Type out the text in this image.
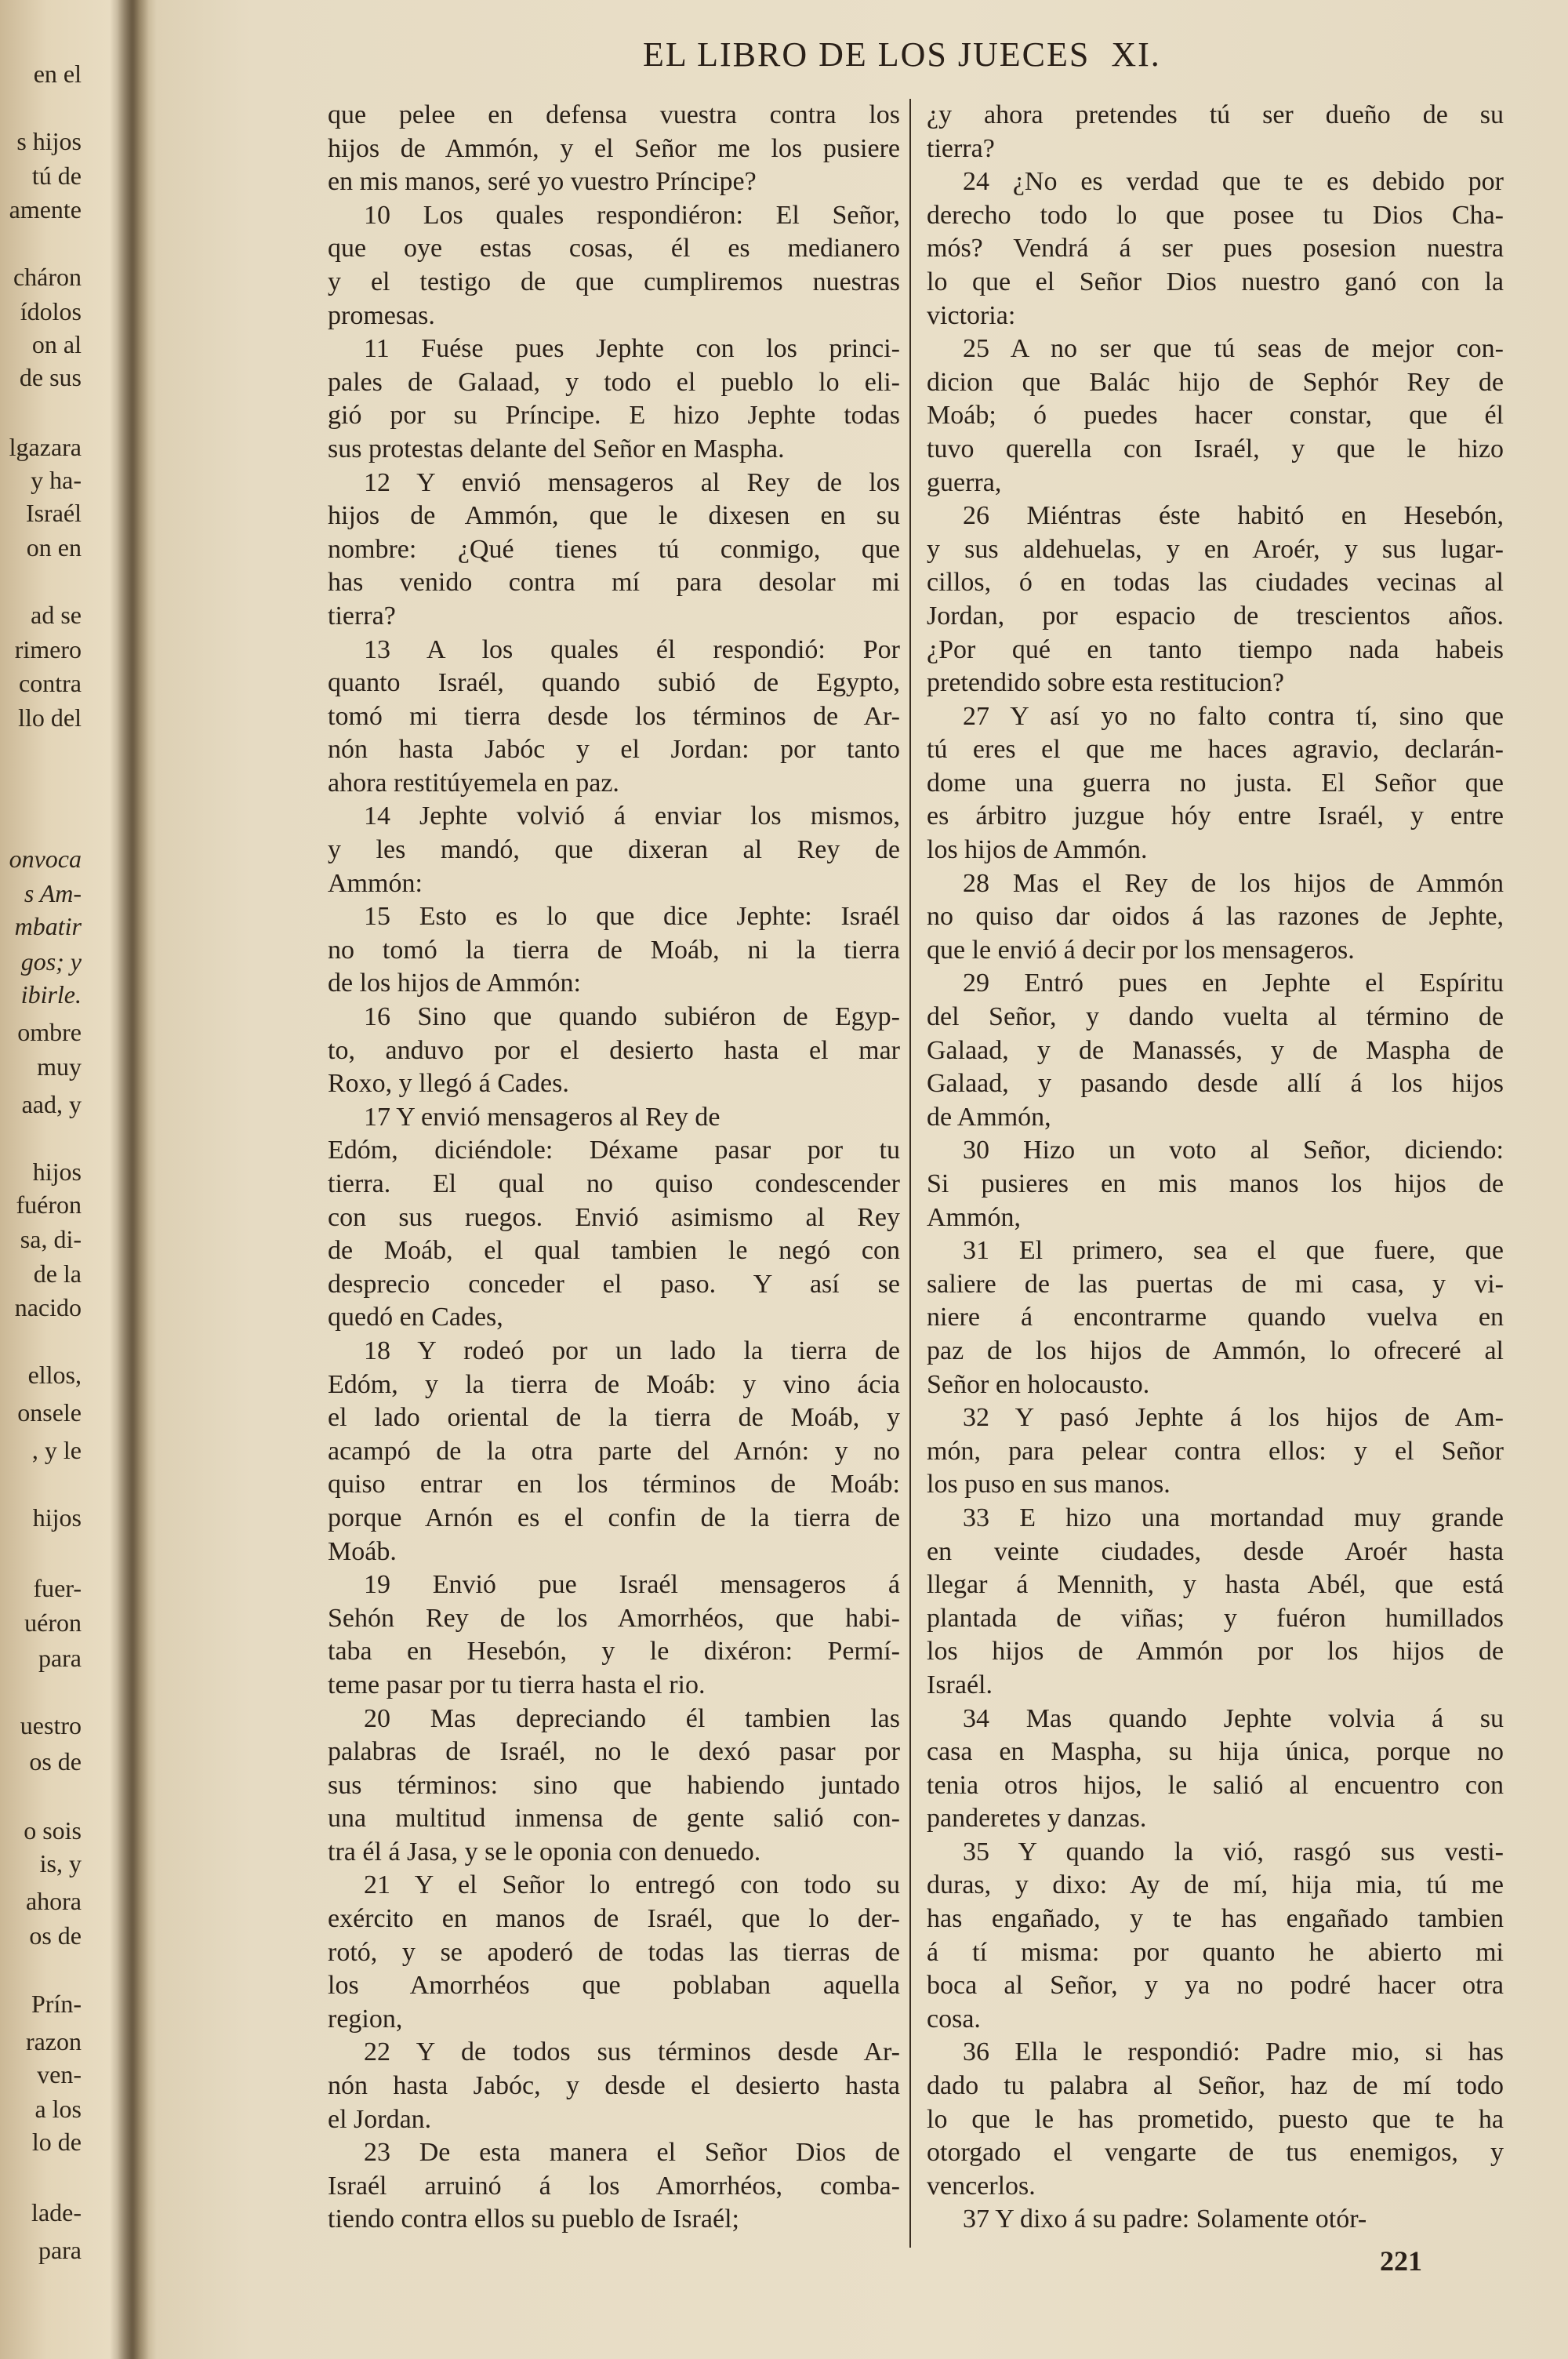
en el
s hijos
tú de
amente
cháron
ídolos
on al
de sus
lgazara
y ha-
Israél
on en
ad se
rimero
contra
llo del
onvoca
s Am-
mbatir
gos; y
ibirle.
ombre
muy
aad, y
hijos
fuéron
sa, di-
de la
nacido
ellos,
onsele
, y le
hijos
fuer-
uéron
para
uestro
os de
o sois
is, y
ahora
os de
Prín-
razon
ven-
a los
lo de
lade-
para
EL LIBRO DE LOS JUECES XI.
que pelee en defensa vuestra contra los
hijos de Ammón, y el Señor me los pusiere
en mis manos, seré yo vuestro Príncipe?
10 Los quales respondiéron: El Señor,
que oye estas cosas, él es medianero
y el testigo de que cumpliremos nuestras
promesas.
11 Fuése pues Jephte con los princi-
pales de Galaad, y todo el pueblo lo eli-
gió por su Príncipe. E hizo Jephte todas
sus protestas delante del Señor en Maspha.
12 Y envió mensageros al Rey de los
hijos de Ammón, que le dixesen en su
nombre: ¿Qué tienes tú conmigo, que
has venido contra mí para desolar mi
tierra?
13 A los quales él respondió: Por
quanto Israél, quando subió de Egypto,
tomó mi tierra desde los términos de Ar-
nón hasta Jabóc y el Jordan: por tanto
ahora restitúyemela en paz.
14 Jephte volvió á enviar los mismos,
y les mandó, que dixeran al Rey de
Ammón:
15 Esto es lo que dice Jephte: Israél
no tomó la tierra de Moáb, ni la tierra
de los hijos de Ammón:
16 Sino que quando subiéron de Egyp-
to, anduvo por el desierto hasta el mar
Roxo, y llegó á Cades.
17 Y envió mensageros al Rey de
Edóm, diciéndole: Déxame pasar por tu
tierra. El qual no quiso condescender
con sus ruegos. Envió asimismo al Rey
de Moáb, el qual tambien le negó con
desprecio conceder el paso. Y así se
quedó en Cades,
18 Y rodeó por un lado la tierra de
Edóm, y la tierra de Moáb: y vino ácia
el lado oriental de la tierra de Moáb, y
acampó de la otra parte del Arnón: y no
quiso entrar en los términos de Moáb:
porque Arnón es el confin de la tierra de
Moáb.
19 Envió pue Israél mensageros á
Sehón Rey de los Amorrhéos, que habi-
taba en Hesebón, y le dixéron: Permí-
teme pasar por tu tierra hasta el rio.
20 Mas depreciando él tambien las
palabras de Israél, no le dexó pasar por
sus términos: sino que habiendo juntado
una multitud inmensa de gente salió con-
tra él á Jasa, y se le oponia con denuedo.
21 Y el Señor lo entregó con todo su
exército en manos de Israél, que lo der-
rotó, y se apoderó de todas las tierras de
los Amorrhéos que poblaban aquella
region,
22 Y de todos sus términos desde Ar-
nón hasta Jabóc, y desde el desierto hasta
el Jordan.
23 De esta manera el Señor Dios de
Israél arruinó á los Amorrhéos, comba-
tiendo contra ellos su pueblo de Israél;
¿y ahora pretendes tú ser dueño de su
tierra?
24 ¿No es verdad que te es debido por
derecho todo lo que posee tu Dios Cha-
mós? Vendrá á ser pues posesion nuestra
lo que el Señor Dios nuestro ganó con la
victoria:
25 A no ser que tú seas de mejor con-
dicion que Balác hijo de Sephór Rey de
Moáb; ó puedes hacer constar, que él
tuvo querella con Israél, y que le hizo
guerra,
26 Miéntras éste habitó en Hesebón,
y sus aldehuelas, y en Aroér, y sus lugar-
cillos, ó en todas las ciudades vecinas al
Jordan, por espacio de trescientos años.
¿Por qué en tanto tiempo nada habeis
pretendido sobre esta restitucion?
27 Y así yo no falto contra tí, sino que
tú eres el que me haces agravio, declarán-
dome una guerra no justa. El Señor que
es árbitro juzgue hóy entre Israél, y entre
los hijos de Ammón.
28 Mas el Rey de los hijos de Ammón
no quiso dar oidos á las razones de Jephte,
que le envió á decir por los mensageros.
29 Entró pues en Jephte el Espíritu
del Señor, y dando vuelta al término de
Galaad, y de Manassés, y de Maspha de
Galaad, y pasando desde allí á los hijos
de Ammón,
30 Hizo un voto al Señor, diciendo:
Si pusieres en mis manos los hijos de
Ammón,
31 El primero, sea el que fuere, que
saliere de las puertas de mi casa, y vi-
niere á encontrarme quando vuelva en
paz de los hijos de Ammón, lo ofreceré al
Señor en holocausto.
32 Y pasó Jephte á los hijos de Am-
món, para pelear contra ellos: y el Señor
los puso en sus manos.
33 E hizo una mortandad muy grande
en veinte ciudades, desde Aroér hasta
llegar á Mennith, y hasta Abél, que está
plantada de viñas; y fuéron humillados
los hijos de Ammón por los hijos de
Israél.
34 Mas quando Jephte volvia á su
casa en Maspha, su hija única, porque no
tenia otros hijos, le salió al encuentro con
panderetes y danzas.
35 Y quando la vió, rasgó sus vesti-
duras, y dixo: Ay de mí, hija mia, tú me
has engañado, y te has engañado tambien
á tí misma: por quanto he abierto mi
boca al Señor, y ya no podré hacer otra
cosa.
36 Ella le respondió: Padre mio, si has
dado tu palabra al Señor, haz de mí todo
lo que le has prometido, puesto que te ha
otorgado el vengarte de tus enemigos, y
vencerlos.
37 Y dixo á su padre: Solamente otór-
221
